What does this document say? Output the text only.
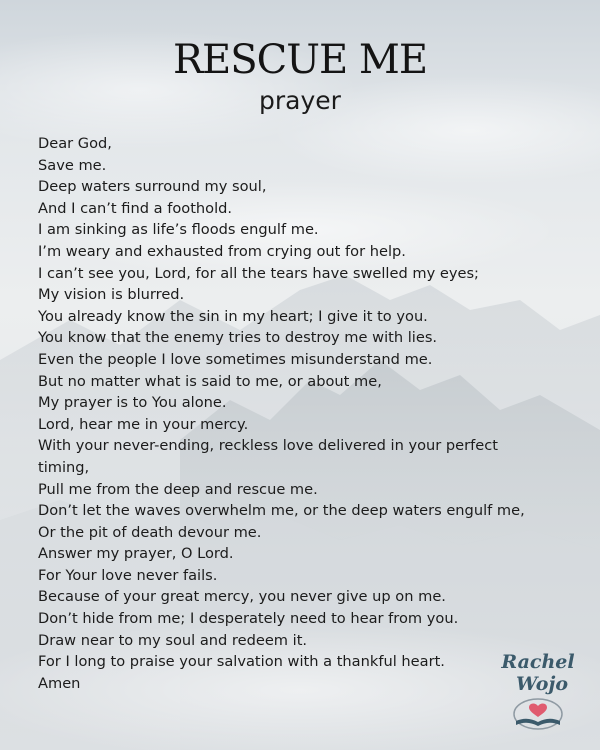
RESCUE ME
prayer
Dear God,
Save me.
Deep waters surround my soul,
And I can’t find a foothold.
I am sinking as life’s floods engulf me.
I’m weary and exhausted from crying out for help.
I can’t see you, Lord, for all the tears have swelled my eyes;
My vision is blurred.
You already know the sin in my heart; I give it to you.
You know that the enemy tries to destroy me with lies.
Even the people I love sometimes misunderstand me.
But no matter what is said to me, or about me,
My prayer is to You alone.
Lord, hear me in your mercy.
With your never-ending, reckless love delivered in your perfect
timing,
Pull me from the deep and rescue me.
Don’t let the waves overwhelm me, or the deep waters engulf me,
Or the pit of death devour me.
Answer my prayer, O Lord.
For Your love never fails.
Because of your great mercy, you never give up on me.
Don’t hide from me; I desperately need to hear from you.
Draw near to my soul and redeem it.
For I long to praise your salvation with a thankful heart.
Amen
Rachel
Wojo
